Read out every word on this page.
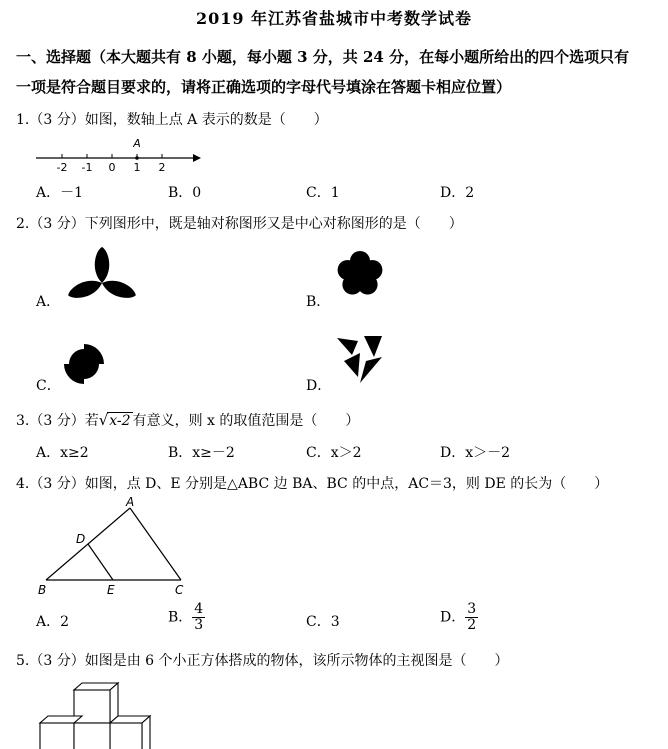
2019 年江苏省盐城市中考数学试卷
一、选择题（本大题共有 8 小题，每小题 3 分，共 24 分，在每小题所给出的四个选项只有
一项是符合题目要求的，请将正确选项的字母代号填涂在答题卡相应位置）
1.（3 分）如图，数轴上点 A 表示的数是（　　）
A
-2 -1 0 1 2
A．－1	B．0	C．1	D．2
2.（3 分）下列图形中，既是轴对称图形又是中心对称图形的是（　　）
A．	B．
C．	D．
3.（3 分）若√x-2 有意义，则 x 的取值范围是（　　）
A．x≥2	B．x≥－2	C．x＞2	D．x＞－2
4.（3 分）如图，点 D、E 分别是△ABC 边 BA、BC 的中点，AC＝3，则 DE 的长为（　　）
A
D
B	E	C
A．2	B． $\frac{4}{3}$	C．3	D． $\frac{3}{2}$
5.（3 分）如图是由 6 个小正方体搭成的物体，该所示物体的主视图是（　　）
